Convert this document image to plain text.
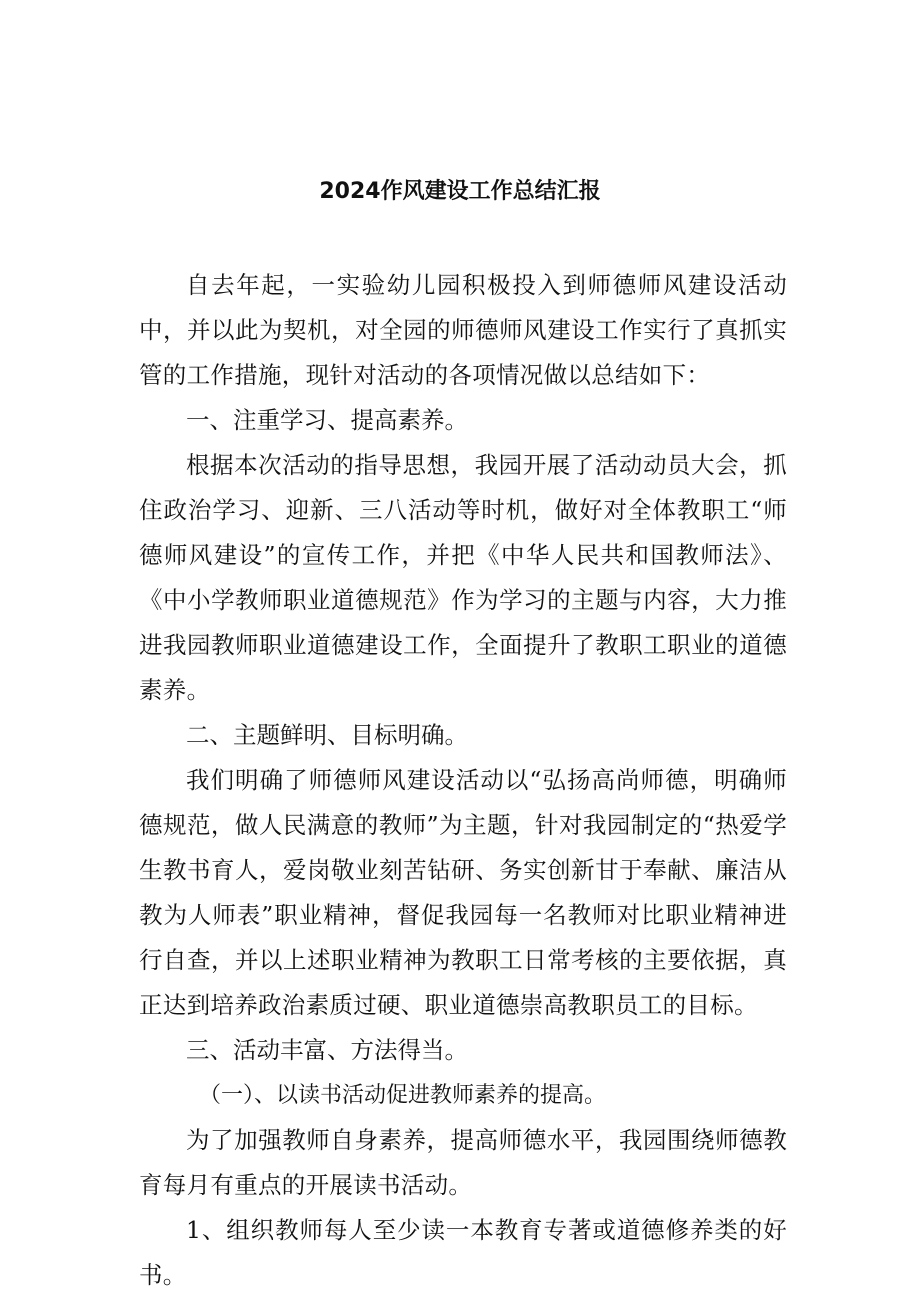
2024作风建设工作总结汇报

自去年起，一实验幼儿园积极投入到师德师风建设活动中，并以此为契机，对全园的师德师风建设工作实行了真抓实管的工作措施，现针对活动的各项情况做以总结如下：

一、注重学习、提高素养。

根据本次活动的指导思想，我园开展了活动动员大会，抓住政治学习、迎新、三八活动等时机，做好对全体教职工“师德师风建设”的宣传工作，并把《中华人民共和国教师法》、《中小学教师职业道德规范》作为学习的主题与内容，大力推进我园教师职业道德建设工作，全面提升了教职工职业的道德素养。

二、主题鲜明、目标明确。

我们明确了师德师风建设活动以“弘扬高尚师德，明确师德规范，做人民满意的教师”为主题，针对我园制定的“热爱学生教书育人，爱岗敬业刻苦钻研、务实创新甘于奉献、廉洁从教为人师表”职业精神，督促我园每一名教师对比职业精神进行自查，并以上述职业精神为教职工日常考核的主要依据，真正达到培养政治素质过硬、职业道德崇高教职员工的目标。

三、活动丰富、方法得当。

（一）、以读书活动促进教师素养的提高。

为了加强教师自身素养，提高师德水平，我园围绕师德教育每月有重点的开展读书活动。

1、组织教师每人至少读一本教育专著或道德修养类的好书。
